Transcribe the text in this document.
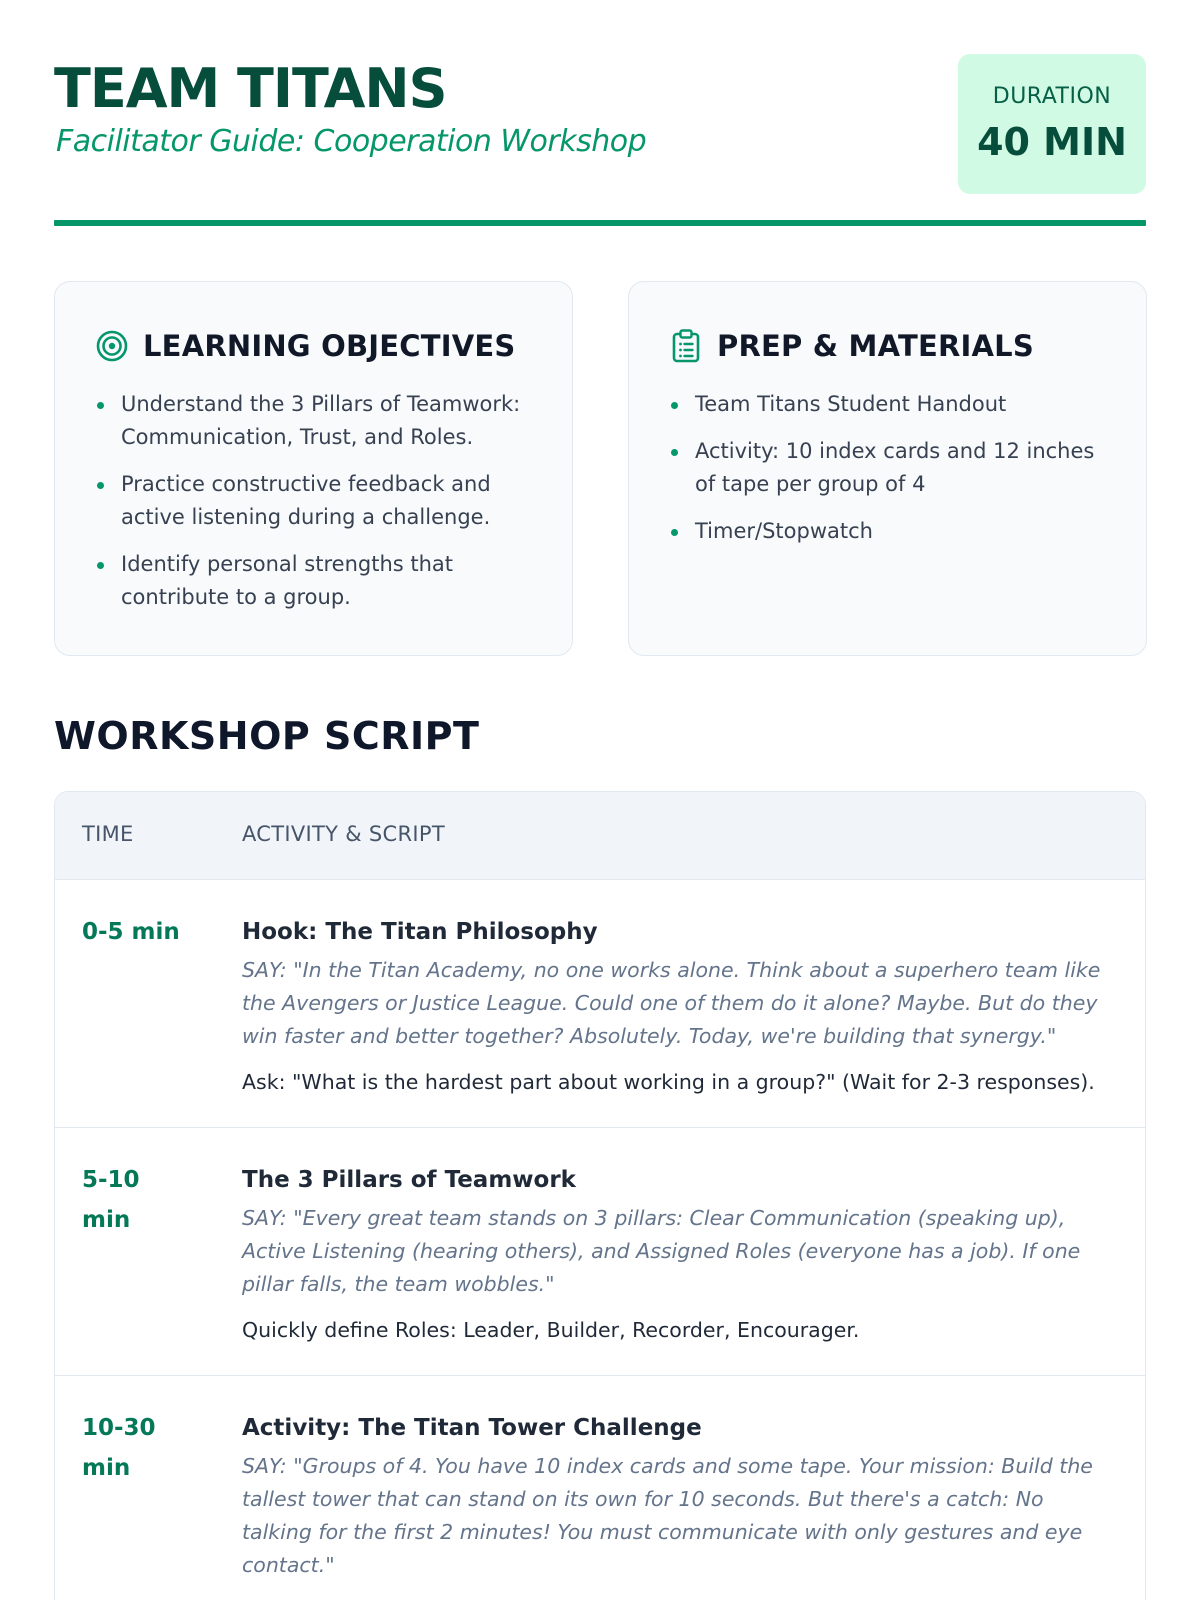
TEAM TITANS
Facilitator Guide: Cooperation Workshop
DURATION
40 MIN
LEARNING OBJECTIVES
Understand the 3 Pillars of Teamwork: Communication, Trust, and Roles.
Practice constructive feedback and active listening during a challenge.
Identify personal strengths that contribute to a group.
PREP & MATERIALS
Team Titans Student Handout
Activity: 10 index cards and 12 inches of tape per group of 4
Timer/Stopwatch
WORKSHOP SCRIPT
TIME	ACTIVITY & SCRIPT
0-5 min	Hook: The Titan Philosophy
SAY: "In the Titan Academy, no one works alone. Think about a superhero team like the Avengers or Justice League. Could one of them do it alone? Maybe. But do they win faster and better together? Absolutely. Today, we're building that synergy."
Ask: "What is the hardest part about working in a group?" (Wait for 2-3 responses).
5-10 min
The 3 Pillars of Teamwork
SAY: "Every great team stands on 3 pillars: Clear Communication (speaking up), Active Listening (hearing others), and Assigned Roles (everyone has a job). If one pillar falls, the team wobbles."
Quickly define Roles: Leader, Builder, Recorder, Encourager.
10-30 min
Activity: The Titan Tower Challenge
SAY: "Groups of 4. You have 10 index cards and some tape. Your mission: Build the tallest tower that can stand on its own for 10 seconds. But there's a catch: No talking for the first 2 minutes! You must communicate with only gestures and eye contact."
